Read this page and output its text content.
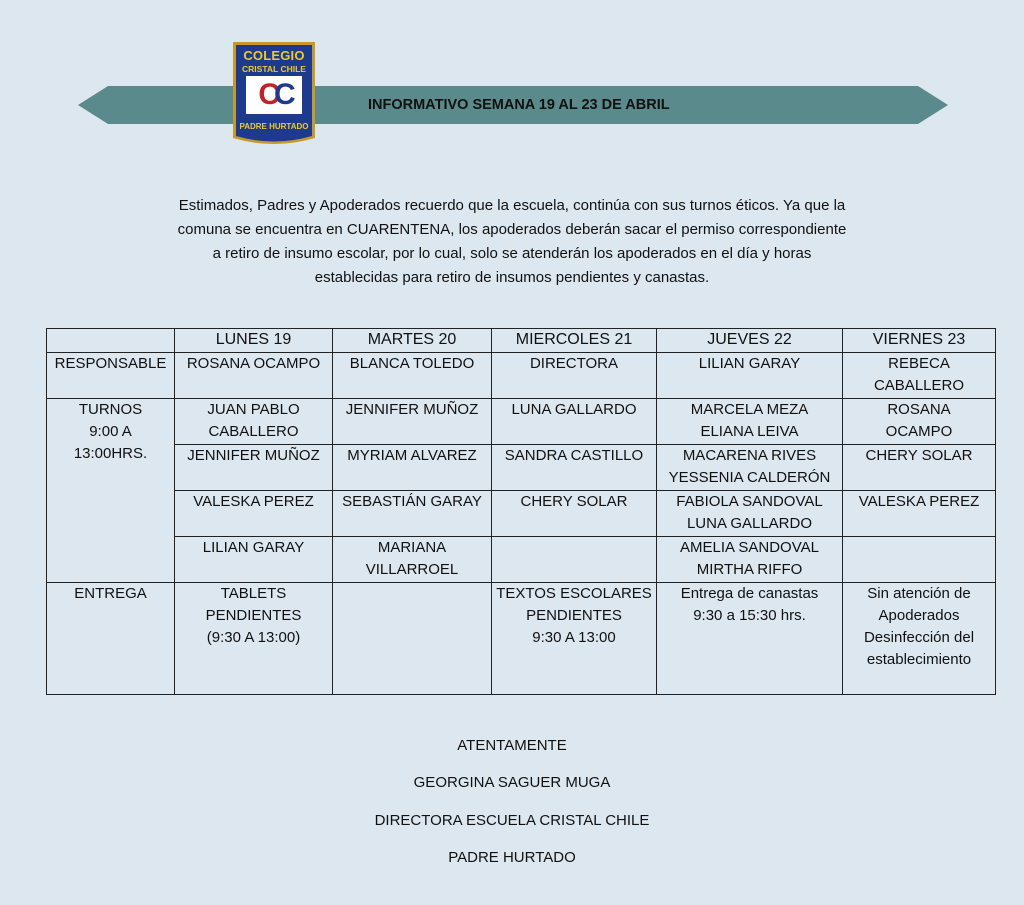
INFORMATIVO SEMANA 19 AL 23 DE ABRIL
COLEGIO
CRISTAL CHILE
CC
PADRE HURTADO
Estimados, Padres y Apoderados recuerdo que la escuela, continúa con sus turnos éticos. Ya que la
comuna se encuentra en CUARENTENA, los apoderados deberán sacar el permiso correspondiente
a retiro de insumo escolar, por lo cual, solo se atenderán los apoderados en el día y horas
establecidas para retiro de insumos pendientes y canastas.
	LUNES 19	MARTES 20	MIERCOLES 21	JUEVES 22	VIERNES 23
RESPONSABLE	ROSANA OCAMPO	BLANCA TOLEDO	DIRECTORA	LILIAN GARAY	REBECA
CABALLERO
TURNOS
9:00 A
13:00HRS.	JUAN PABLO
CABALLERO	JENNIFER MUÑOZ	LUNA GALLARDO	MARCELA MEZA
ELIANA LEIVA	ROSANA
OCAMPO
	JENNIFER MUÑOZ	MYRIAM ALVAREZ	SANDRA CASTILLO	MACARENA RIVES
YESSENIA CALDERÓN	CHERY SOLAR
	VALESKA PEREZ	SEBASTIÁN GARAY	CHERY SOLAR	FABIOLA SANDOVAL
LUNA GALLARDO	VALESKA PEREZ
	LILIAN GARAY	MARIANA
VILLARROEL		AMELIA SANDOVAL
MIRTHA RIFFO	
ENTREGA	TABLETS
PENDIENTES
(9:30 A 13:00)		TEXTOS ESCOLARES
PENDIENTES
9:30 A 13:00	Entrega de canastas
9:30 a 15:30 hrs.	Sin atención de
Apoderados
Desinfección del
establecimiento
ATENTAMENTE
GEORGINA SAGUER MUGA
DIRECTORA ESCUELA CRISTAL CHILE
PADRE HURTADO
